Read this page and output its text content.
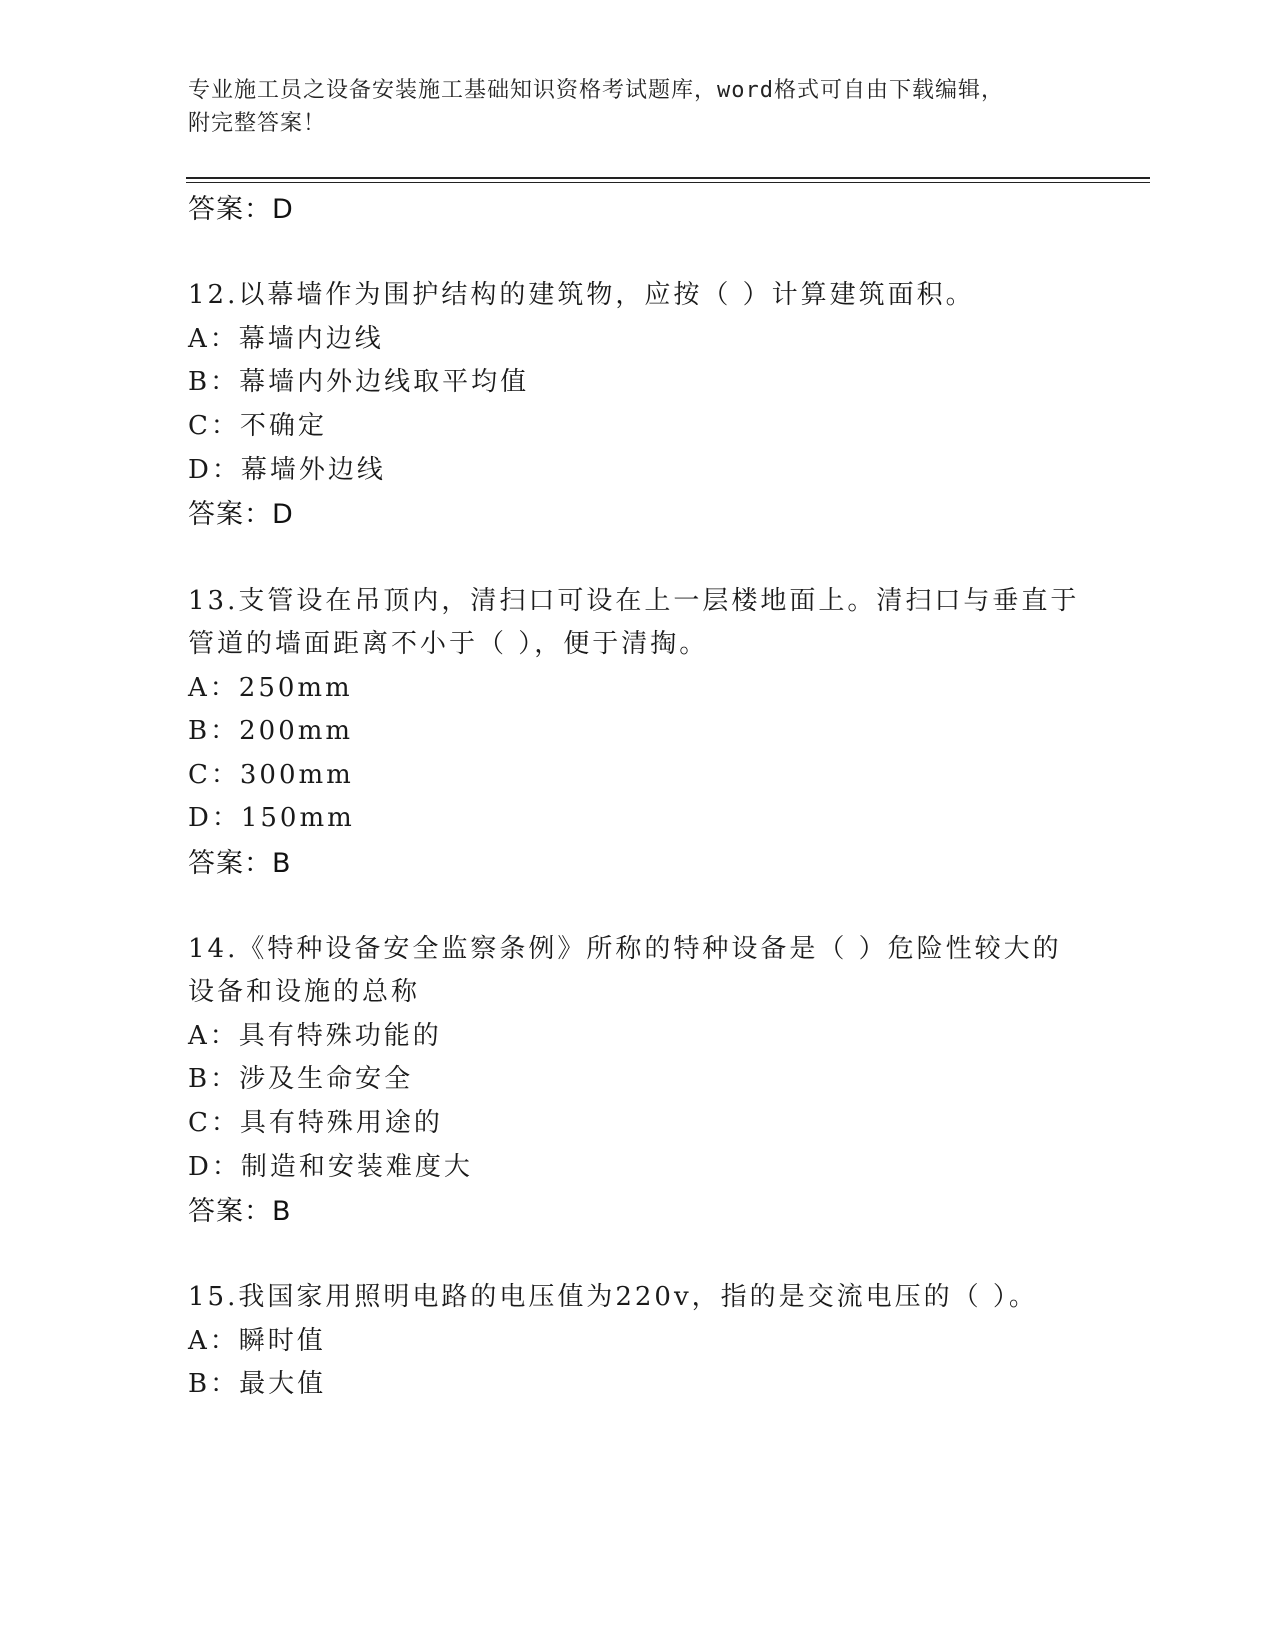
专业施工员之设备安装施工基础知识资格考试题库，word格式可自由下载编辑，
附完整答案！
答案：D
12.以幕墙作为围护结构的建筑物，应按（ ）计算建筑面积。
A：幕墙内边线
B：幕墙内外边线取平均值
C：不确定
D：幕墙外边线
答案：D
13.支管设在吊顶内，清扫口可设在上一层楼地面上。清扫口与垂直于
管道的墙面距离不小于（ ），便于清掏。
A：250mm
B：200mm
C：300mm
D：150mm
答案：B
14.《特种设备安全监察条例》所称的特种设备是（ ）危险性较大的
设备和设施的总称
A：具有特殊功能的
B：涉及生命安全
C：具有特殊用途的
D：制造和安装难度大
答案：B
15.我国家用照明电路的电压值为220v，指的是交流电压的（ ）。
A：瞬时值
B：最大值
